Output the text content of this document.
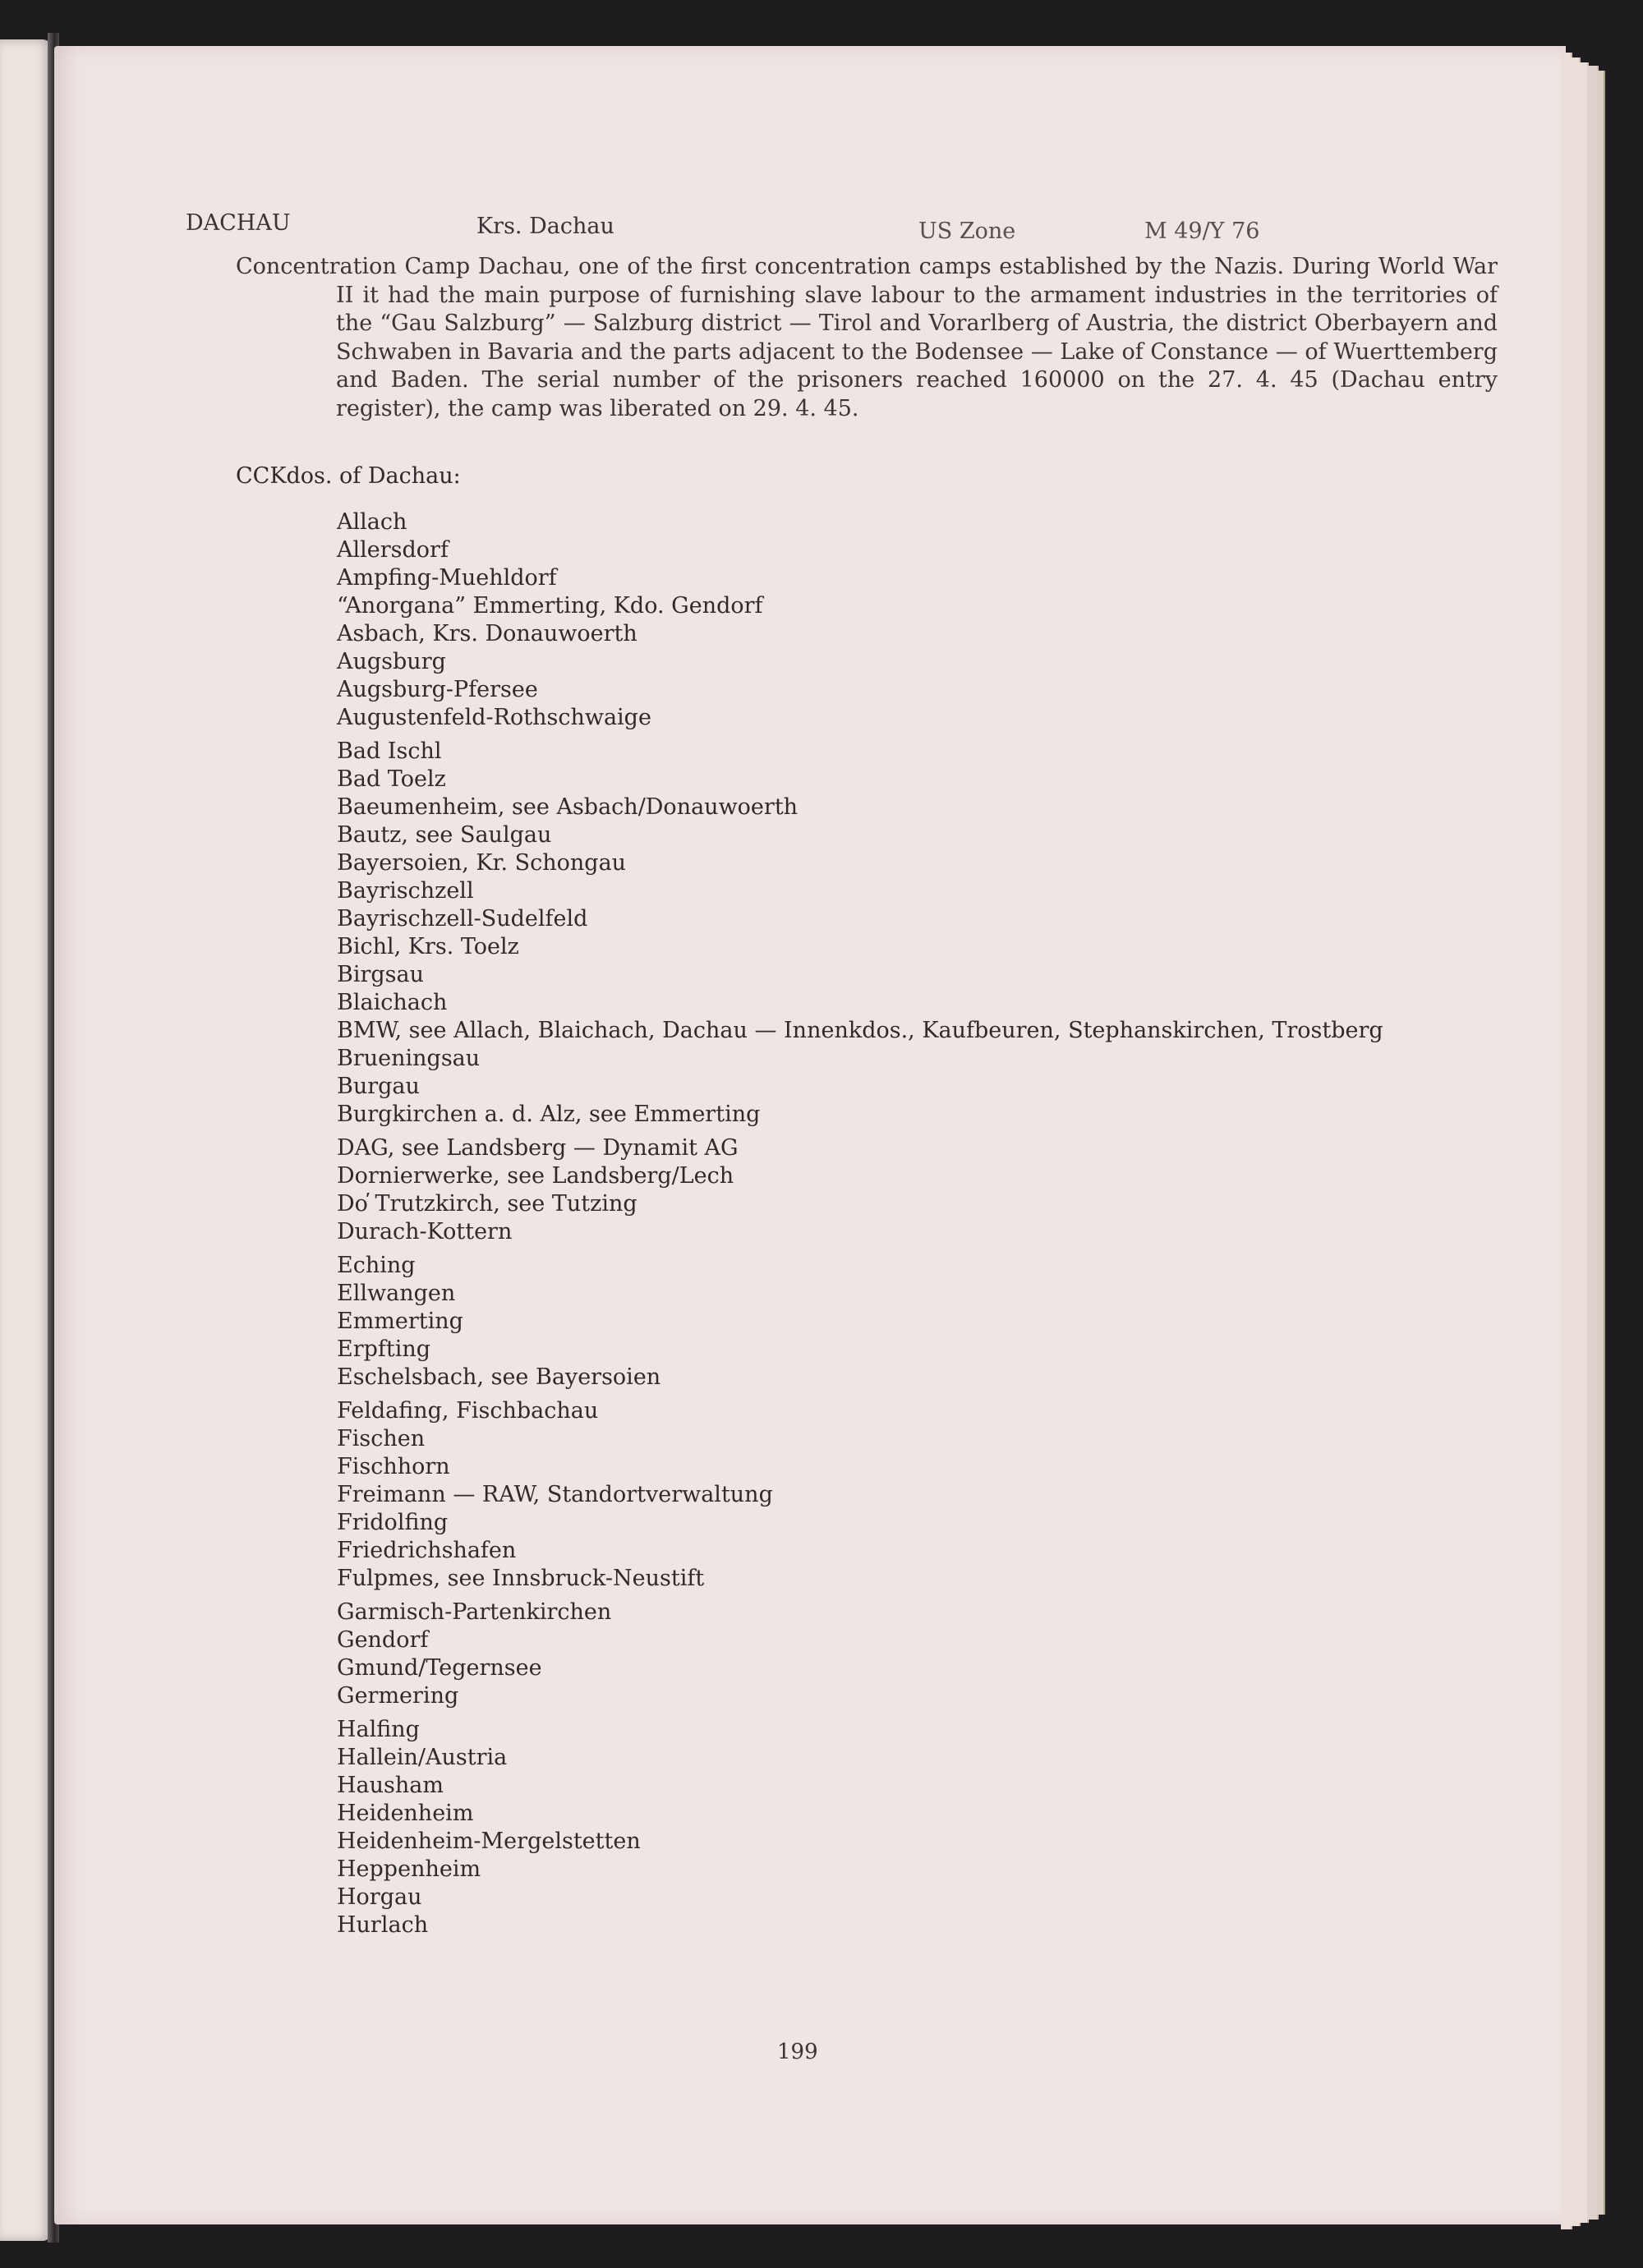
DACHAU	Krs. Dachau	US Zone	M 49/Y 76
Concentration Camp Dachau, one of the first concentration camps established by the Nazis. During World War II it had the main purpose of furnishing slave labour to the armament industries in the territories of the “Gau Salzburg” — Salzburg district — Tirol and Vorarlberg of Austria, the district Oberbayern and Schwaben in Bavaria and the parts adjacent to the Bodensee — Lake of Constance — of Wuerttemberg and Baden. The serial number of the prisoners reached 160000 on the 27. 4. 45 (Dachau entry register), the camp was liberated on 29. 4. 45.
CCKdos. of Dachau:
Allach
Allersdorf
Ampfing-Muehldorf
“Anorgana” Emmerting, Kdo. Gendorf
Asbach, Krs. Donauwoerth
Augsburg
Augsburg-Pfersee
Augustenfeld-Rothschwaige
Bad Ischl
Bad Toelz
Baeumenheim, see Asbach/Donauwoerth
Bautz, see Saulgau
Bayersoien, Kr. Schongau
Bayrischzell
Bayrischzell-Sudelfeld
Bichl, Krs. Toelz
Birgsau
Blaichach
BMW, see Allach, Blaichach, Dachau — Innenkdos., Kaufbeuren, Stephanskirchen, Trostberg
Brueningsau
Burgau
Burgkirchen a. d. Alz, see Emmerting
DAG, see Landsberg — Dynamit AG
Dornierwerke, see Landsberg/Lech
Do̕ Trutzkirch, see Tutzing
Durach-Kottern
Eching
Ellwangen
Emmerting
Erpfting
Eschelsbach, see Bayersoien
Feldafing, Fischbachau
Fischen
Fischhorn
Freimann — RAW, Standortverwaltung
Fridolfing
Friedrichshafen
Fulpmes, see Innsbruck-Neustift
Garmisch-Partenkirchen
Gendorf
Gmund/Tegernsee
Germering
Halfing
Hallein/Austria
Hausham
Heidenheim
Heidenheim-Mergelstetten
Heppenheim
Horgau
Hurlach
199
